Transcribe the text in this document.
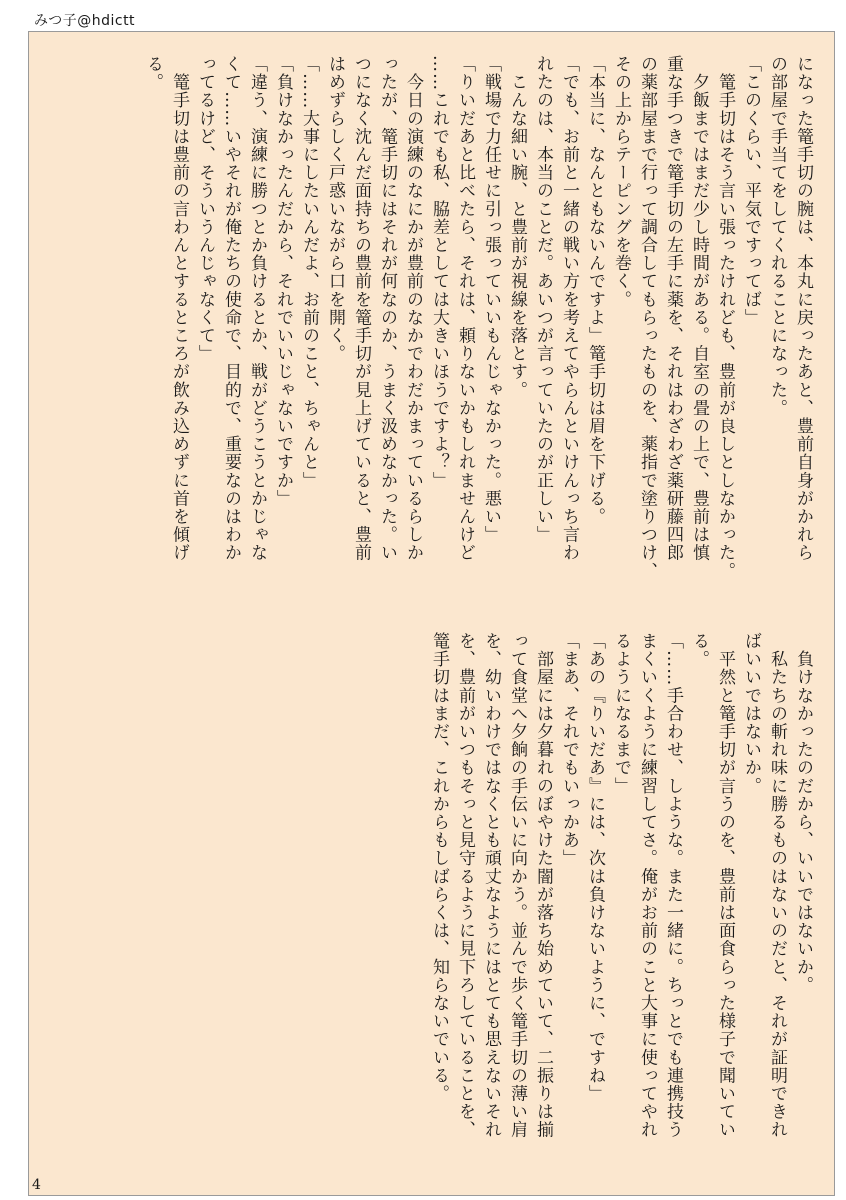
みつ子@hdictt
4

になった篭手切の腕は、本丸に戻ったあと、豊前自身がかれら

の部屋で手当てをしてくれることになった。

「このくらい、平気ですってば」

　篭手切はそう言い張ったけれども、豊前が良しとしなかった。

　夕飯まではまだ少し時間がある。自室の畳の上で、豊前は慎

重な手つきで篭手切の左手に薬を、それはわざわざ薬研藤四郎

の薬部屋まで行って調合してもらったものを、薬指で塗りつけ、

その上からテーピングを巻く。

「本当に、なんともないんですよ」篭手切は眉を下げる。

「でも、お前と一緒の戦い方を考えてやらんといけんっち言わ

れたのは、本当のことだ。あいつが言っていたのが正しい」

　こんな細い腕、と豊前が視線を落とす。

「戦場で力任せに引っ張っていいもんじゃなかった。悪い」

「りいだあと比べたら、それは、頼りないかもしれませんけど

……これでも私、脇差としては大きいほうですよ？」

　今日の演練のなにかが豊前のなかでわだかまっているらしか

ったが、篭手切にはそれが何なのか、うまく汲めなかった。い

つになく沈んだ面持ちの豊前を篭手切が見上げていると、豊前

はめずらしく戸惑いながら口を開く。

「……大事にしたいんだよ、お前のこと、ちゃんと」

「負けなかったんだから、それでいいじゃないですか」

「違う、演練に勝つとか負けるとか、戦がどうこうとかじゃな

くて……いやそれが俺たちの使命で、目的で、重要なのはわか

ってるけど、そういうんじゃなくて」

　篭手切は豊前の言わんとするところが飲み込めずに首を傾げ

る。

　負けなかったのだから、いいではないか。

　私たちの斬れ味に勝るものはないのだと、それが証明できれ

ばいいではないか。

　平然と篭手切が言うのを、豊前は面食らった様子で聞いてい

る。

「……手合わせ、しような。また一緒に。ちっとでも連携技う

まくいくように練習してさ。俺がお前のこと大事に使ってやれ

るようになるまで」

「あの『りいだあ』には、次は負けないように、ですね」

「まあ、それでもいっかあ」

　部屋には夕暮れのぼやけた闇が落ち始めていて、二振りは揃

って食堂へ夕餉の手伝いに向かう。並んで歩く篭手切の薄い肩

を、幼いわけではなくとも頑丈なようにはとても思えないそれ

を、豊前がいつもそっと見守るように見下ろしていることを、

篭手切はまだ、これからもしばらくは、知らないでいる。
